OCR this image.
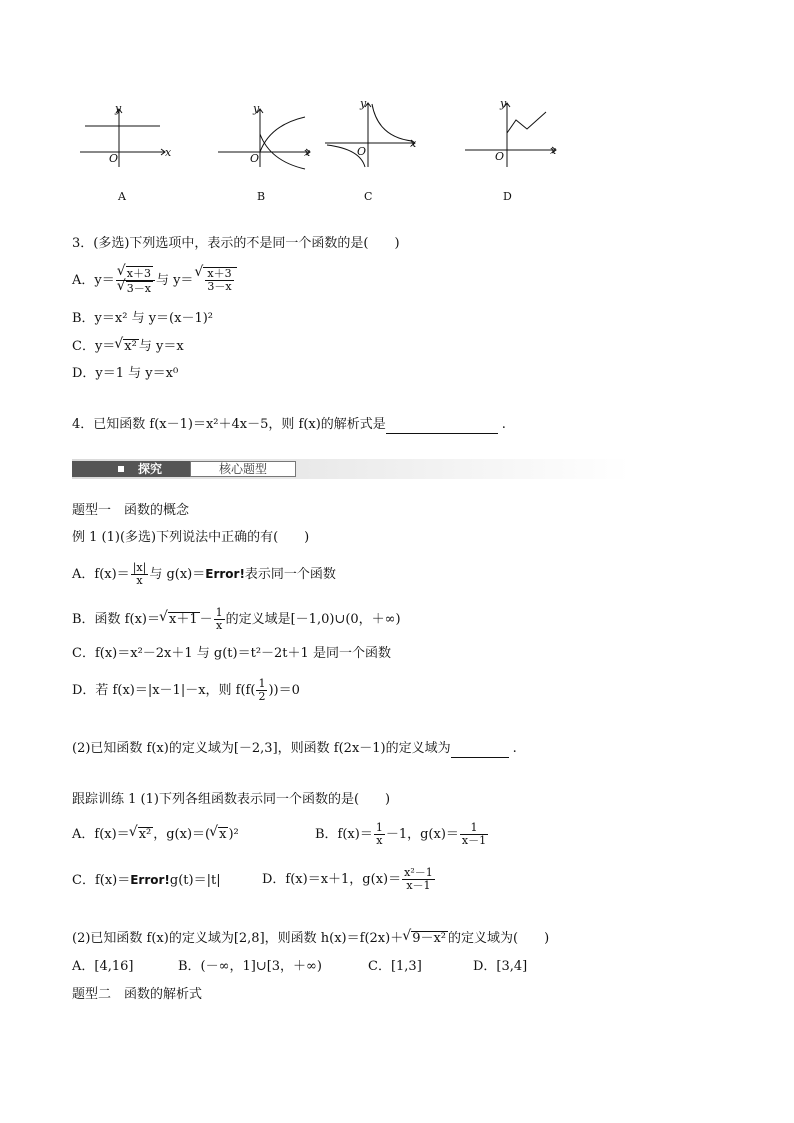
y
x
O
A
y
x
O
B
y
x
O
C
y
x
O
D
3．(多选)下列选项中，表示的不是同一个函数的是(　　)
A．y＝ √ x＋3
√ 3－x 与 y＝ √ $\frac{x+3}{3-x}$
B．y＝x² 与 y＝(x－1)²
C．y＝ √ x² 与 y＝x
D．y＝1 与 y＝x⁰
4．已知函数 f(x－1)＝x²＋4x－5，则 f(x)的解析式是	.
探究	核心题型
题型一　函数的概念
例 1 (1)(多选)下列说法中正确的有(　　)
A．$f(x)= \frac{|x|}{x}$ 与 g(x)＝Error!表示同一个函数
B．函数 f(x)＝ √ $x+1 - \frac{1}{x}$ 的定义域是[－1,0)∪(0，＋∞)
C．f(x)＝x²－2x＋1 与 g(t)＝t²－2t＋1 是同一个函数
D．若 f(x)＝|x－1|－x，则 $f(f( \frac{1}{2} ))=0$
(2)已知函数 f(x)的定义域为[－2,3]，则函数 f(2x－1)的定义域为	.
跟踪训练 1 (1)下列各组函数表示同一个函数的是(　　)
A．f(x)＝ √ x² ，g(x)＝( √ x )²	B．$f(x)= \frac{1}{x} -1$，$g(x)= \frac{1}{x-1}$
C．f(x)＝Error!g(t)＝|t|	D．f(x)＝x＋1，$g(x)= \frac{\text{x²－1}}{x-1}$
(2)已知函数 f(x)的定义域为[2,8]，则函数 h(x)＝f(2x)＋ √ 9－x² 的定义域为(　　)
A．[4,16]	B．(－∞，1]∪[3，＋∞)	C．[1,3]	D．[3,4]
题型二　函数的解析式
